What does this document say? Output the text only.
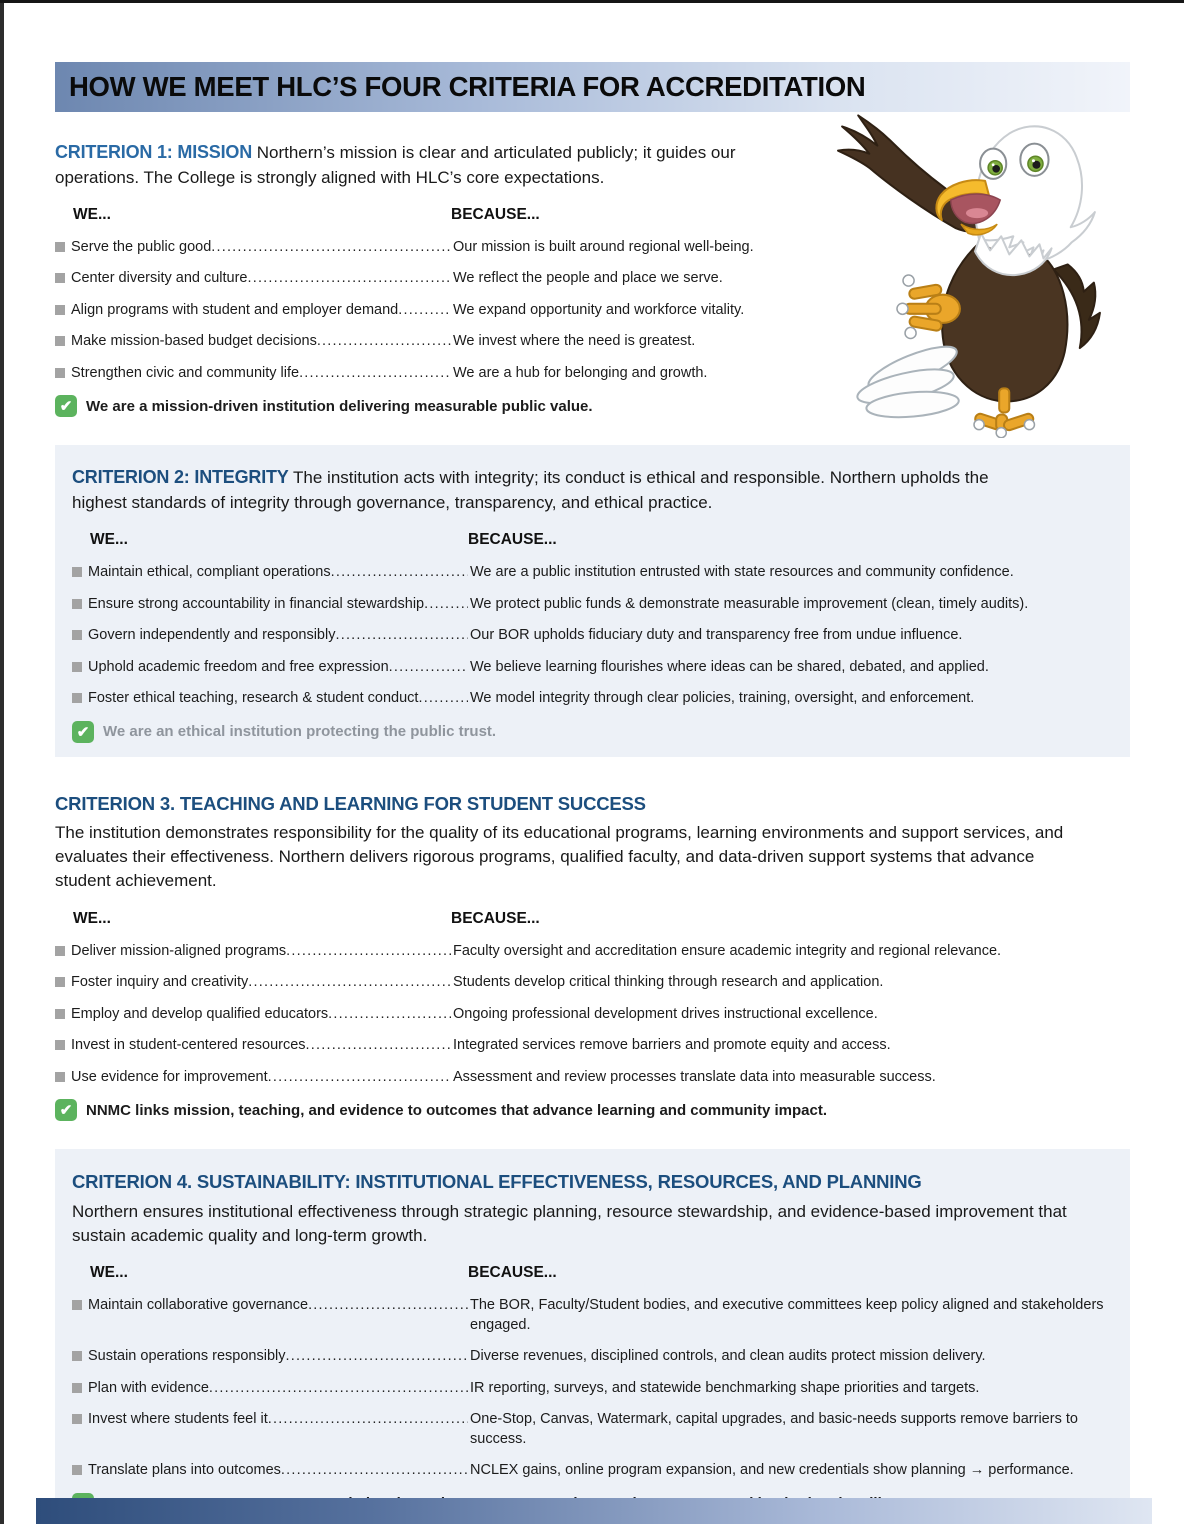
HOW WE MEET HLC’S FOUR CRITERIA FOR ACCREDITATION

CRITERION 1: MISSION Northern’s mission is clear and articulated publicly; it guides our operations. The College is strongly aligned with HLC’s core expectations.

WE...	BECAUSE...
Serve the public good .....	Our mission is built around regional well-being.
Center diversity and culture .....	We reflect the people and place we serve.
Align programs with student and employer demand .....	We expand opportunity and workforce vitality.
Make mission-based budget decisions .....	We invest where the need is greatest.
Strengthen civic and community life .....	We are a hub for belonging and growth.
✔ We are a mission-driven institution delivering measurable public value.

CRITERION 2: INTEGRITY The institution acts with integrity; its conduct is ethical and responsible. Northern upholds the highest standards of integrity through governance, transparency, and ethical practice.

WE...	BECAUSE...
Maintain ethical, compliant operations .....	We are a public institution entrusted with state resources and community confidence.
Ensure strong accountability in financial stewardship .....	We protect public funds & demonstrate measurable improvement (clean, timely audits).
Govern independently and responsibly .....	Our BOR upholds fiduciary duty and transparency free from undue influence.
Uphold academic freedom and free expression .....	We believe learning flourishes where ideas can be shared, debated, and applied.
Foster ethical teaching, research & student conduct .....	We model integrity through clear policies, training, oversight, and enforcement.
✔ We are an ethical institution protecting the public trust.

CRITERION 3. TEACHING AND LEARNING FOR STUDENT SUCCESS
The institution demonstrates responsibility for the quality of its educational programs, learning environments and support services, and evaluates their effectiveness. Northern delivers rigorous programs, qualified faculty, and data-driven support systems that advance student achievement.

WE...	BECAUSE...
Deliver mission-aligned programs .....	Faculty oversight and accreditation ensure academic integrity and regional relevance.
Foster inquiry and creativity .....	Students develop critical thinking through research and application.
Employ and develop qualified educators .....	Ongoing professional development drives instructional excellence.
Invest in student-centered resources .....	Integrated services remove barriers and promote equity and access.
Use evidence for improvement .....	Assessment and review processes translate data into measurable success.
✔ NNMC links mission, teaching, and evidence to outcomes that advance learning and community impact.

CRITERION 4. SUSTAINABILITY: INSTITUTIONAL EFFECTIVENESS, RESOURCES, AND PLANNING
Northern ensures institutional effectiveness through strategic planning, resource stewardship, and evidence-based improvement that sustain academic quality and long-term growth.

WE...	BECAUSE...
Maintain collaborative governance .....	The BOR, Faculty/Student bodies, and executive committees keep policy aligned and stakeholders engaged.
Sustain operations responsibly .....	Diverse revenues, disciplined controls, and clean audits protect mission delivery.
Plan with evidence .....	IR reporting, surveys, and statewide benchmarking shape priorities and targets.
Invest where students feel it .....	One-Stop, Canvas, Watermark, capital upgrades, and basic-needs supports remove barriers to success.
Translate plans into outcomes .....	NCLEX gains, online program expansion, and new credentials show planning → performance.
